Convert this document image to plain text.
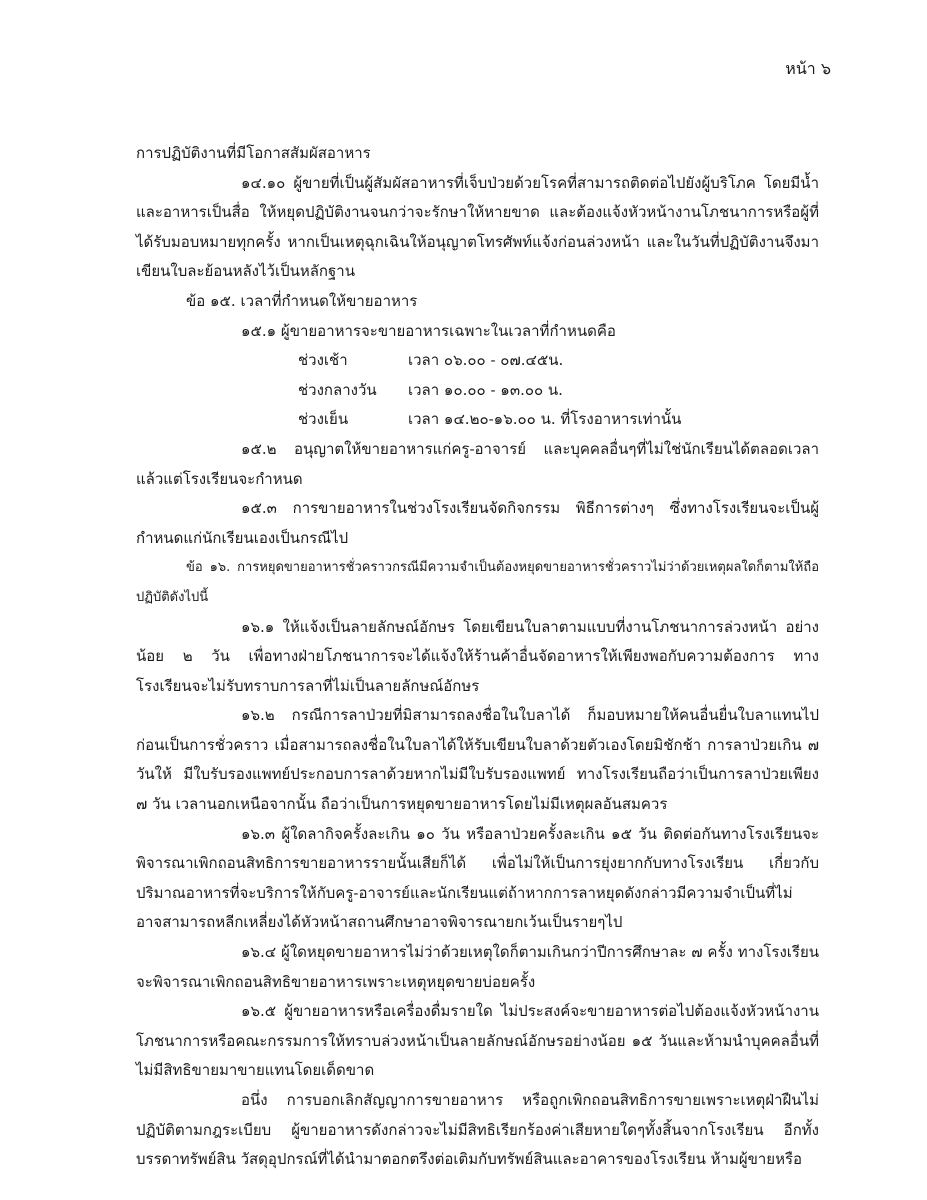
หน้า ๖

การปฏิบัติงานที่มีโอกาสสัมผัสอาหาร

๑๔.๑๐ ผู้ขายที่เป็นผู้สัมผัสอาหารที่เจ็บป่วยด้วยโรคที่สามารถติดต่อไปยังผู้บริโภค โดยมีน้ำและอาหารเป็นสื่อ ให้หยุดปฏิบัติงานจนกว่าจะรักษาให้หายขาด และต้องแจ้งหัวหน้างานโภชนาการหรือผู้ที่ได้รับมอบหมายทุกครั้ง หากเป็นเหตุฉุกเฉินให้อนุญาตโทรศัพท์แจ้งก่อนล่วงหน้า และในวันที่ปฏิบัติงานจึงมาเขียนใบละย้อนหลังไว้เป็นหลักฐาน

ข้อ ๑๕. เวลาที่กำหนดให้ขายอาหาร

๑๕.๑ ผู้ขายอาหารจะขายอาหารเฉพาะในเวลาที่กำหนดคือ

ช่วงเช้า	เวลา ๐๖.๐๐ - ๐๗.๔๕น.
ช่วงกลางวัน	เวลา ๑๐.๐๐ - ๑๓.๐๐ น.
ช่วงเย็น	เวลา ๑๔.๒๐-๑๖.๐๐ น. ที่โรงอาหารเท่านั้น

๑๕.๒ อนุญาตให้ขายอาหารแก่ครู-อาจารย์ และบุคคลอื่นๆที่ไม่ใช่นักเรียนได้ตลอดเวลาแล้วแต่โรงเรียนจะกำหนด

๑๕.๓ การขายอาหารในช่วงโรงเรียนจัดกิจกรรม พิธีการต่างๆ ซึ่งทางโรงเรียนจะเป็นผู้กำหนดแก่นักเรียนเองเป็นกรณีไป

ข้อ ๑๖. การหยุดขายอาหารชั่วคราวกรณีมีความจำเป็นต้องหยุดขายอาหารชั่วคราวไม่ว่าด้วยเหตุผลใดก็ตามให้ถือปฏิบัติดังไปนี้

๑๖.๑ ให้แจ้งเป็นลายลักษณ์อักษร โดยเขียนใบลาตามแบบที่งานโภชนาการล่วงหน้า อย่างน้อย ๒ วัน เพื่อทางฝ่ายโภชนาการจะได้แจ้งให้ร้านค้าอื่นจัดอาหารให้เพียงพอกับความต้องการ ทางโรงเรียนจะไม่รับทราบการลาที่ไม่เป็นลายลักษณ์อักษร

๑๖.๒ กรณีการลาป่วยที่มิสามารถลงชื่อในใบลาได้ ก็มอบหมายให้คนอื่นยื่นใบลาแทนไปก่อนเป็นการชั่วคราว เมื่อสามารถลงชื่อในใบลาได้ให้รับเขียนใบลาด้วยตัวเองโดยมิชักช้า การลาป่วยเกิน ๗ วันให้ มีใบรับรองแพทย์ประกอบการลาด้วยหากไม่มีใบรับรองแพทย์ ทางโรงเรียนถือว่าเป็นการลาป่วยเพียง ๗ วัน เวลานอกเหนือจากนั้น ถือว่าเป็นการหยุดขายอาหารโดยไม่มีเหตุผลอันสมควร

๑๖.๓ ผู้ใดลากิจครั้งละเกิน ๑๐ วัน หรือลาป่วยครั้งละเกิน ๑๕ วัน ติดต่อกันทางโรงเรียนจะพิจารณาเพิกถอนสิทธิการขายอาหารรายนั้นเสียก็ได้ เพื่อไม่ให้เป็นการยุ่งยากกับทางโรงเรียน เกี่ยวกับปริมาณอาหารที่จะบริการให้กับครู-อาจารย์และนักเรียนแต่ถ้าหากการลาหยุดดังกล่าวมีความจำเป็นที่ไม่อาจสามารถหลีกเหลี่ยงได้หัวหน้าสถานศึกษาอาจพิจารณายกเว้นเป็นรายๆไป

๑๖.๔ ผู้ใดหยุดขายอาหารไม่ว่าด้วยเหตุใดก็ตามเกินกว่าปีการศึกษาละ ๗ ครั้ง ทางโรงเรียนจะพิจารณาเพิกถอนสิทธิขายอาหารเพราะเหตุหยุดขายบ่อยครั้ง

๑๖.๕ ผู้ขายอาหารหรือเครื่องดื่มรายใด ไม่ประสงค์จะขายอาหารต่อไปต้องแจ้งหัวหน้างานโภชนาการหรือคณะกรรมการให้ทราบล่วงหน้าเป็นลายลักษณ์อักษรอย่างน้อย ๑๕ วันและห้ามนำบุคคลอื่นที่ไม่มีสิทธิขายมาขายแทนโดยเด็ดขาด

อนึ่ง การบอกเลิกสัญญาการขายอาหาร หรือถูกเพิกถอนสิทธิการขายเพราะเหตุฝ่าฝืนไม่ปฏิบัติตามกฎระเบียบ ผู้ขายอาหารดังกล่าวจะไม่มีสิทธิเรียกร้องค่าเสียหายใดๆทั้งสิ้นจากโรงเรียน อีกทั้งบรรดาทรัพย์สิน วัสดุอุปกรณ์ที่ได้นำมาตอกตรึงต่อเติมกับทรัพย์สินและอาคารของโรงเรียน ห้ามผู้ขายหรือ
